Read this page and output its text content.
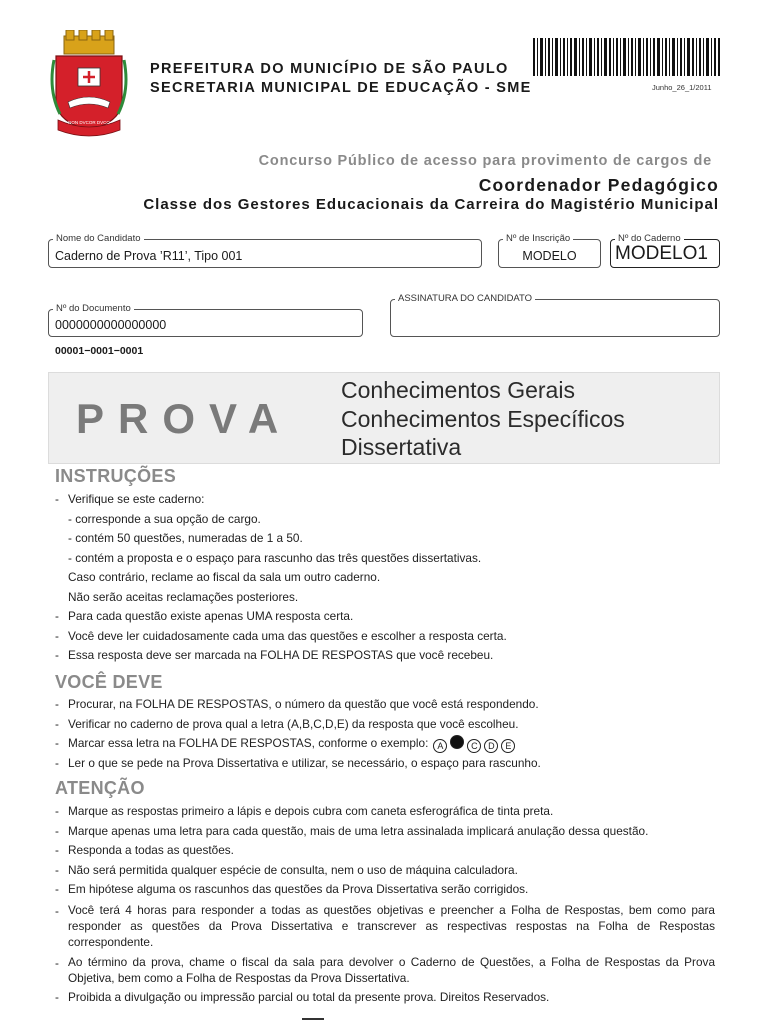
NON DVCOR DVCO
PREFEITURA DO MUNICÍPIO DE SÃO PAULO
SECRETARIA MUNICIPAL DE EDUCAÇÃO - SME	Junho_26_1/2011
Concurso Público de acesso para provimento de cargos de
Coordenador Pedagógico
Classe dos Gestores Educacionais da Carreira do Magistério Municipal
Nome do Candidato
Caderno de Prova ’R11’, Tipo 001
Nº de Inscrição
MODELO
Nº do Caderno
MODELO1
Nº do Documento
0000000000000000
ASSINATURA DO CANDIDATO
00001−0001−0001
PROVA
Conhecimentos Gerais
Conhecimentos Específicos
Dissertativa
INSTRUÇÕES
- Verifique se este caderno:
- corresponde a sua opção de cargo.
- contém 50 questões, numeradas de 1 a 50.
- contém a proposta e o espaço para rascunho das três questões dissertativas.
Caso contrário, reclame ao fiscal da sala um outro caderno.
Não serão aceitas reclamações posteriores.
- Para cada questão existe apenas UMA resposta certa.
- Você deve ler cuidadosamente cada uma das questões e escolher a resposta certa.
- Essa resposta deve ser marcada na FOLHA DE RESPOSTAS que você recebeu.
VOCÊ DEVE
- Procurar, na FOLHA DE RESPOSTAS, o número da questão que você está respondendo.
- Verificar no caderno de prova qual a letra (A,B,C,D,E) da resposta que você escolheu.
- Marcar essa letra na FOLHA DE RESPOSTAS, conforme o exemplo: A	C D E
- Ler o que se pede na Prova Dissertativa e utilizar, se necessário, o espaço para rascunho.
ATENÇÃO
- Marque as respostas primeiro a lápis e depois cubra com caneta esferográfica de tinta preta.
- Marque apenas uma letra para cada questão, mais de uma letra assinalada implicará anulação dessa questão.
- Responda a todas as questões.
- Não será permitida qualquer espécie de consulta, nem o uso de máquina calculadora.
- Em hipótese alguma os rascunhos das questões da Prova Dissertativa serão corrigidos.
- Você terá 4 horas para responder a todas as questões objetivas e preencher a Folha de Respostas, bem como para responder as questões da Prova Dissertativa e transcrever as respectivas respostas na Folha de Respostas correspondente.
- Ao término da prova, chame o fiscal da sala para devolver o Caderno de Questões, a Folha de Respostas da Prova Objetiva, bem como a Folha de Respostas da Prova Dissertativa.
- Proibida a divulgação ou impressão parcial ou total da presente prova. Direitos Reservados.
